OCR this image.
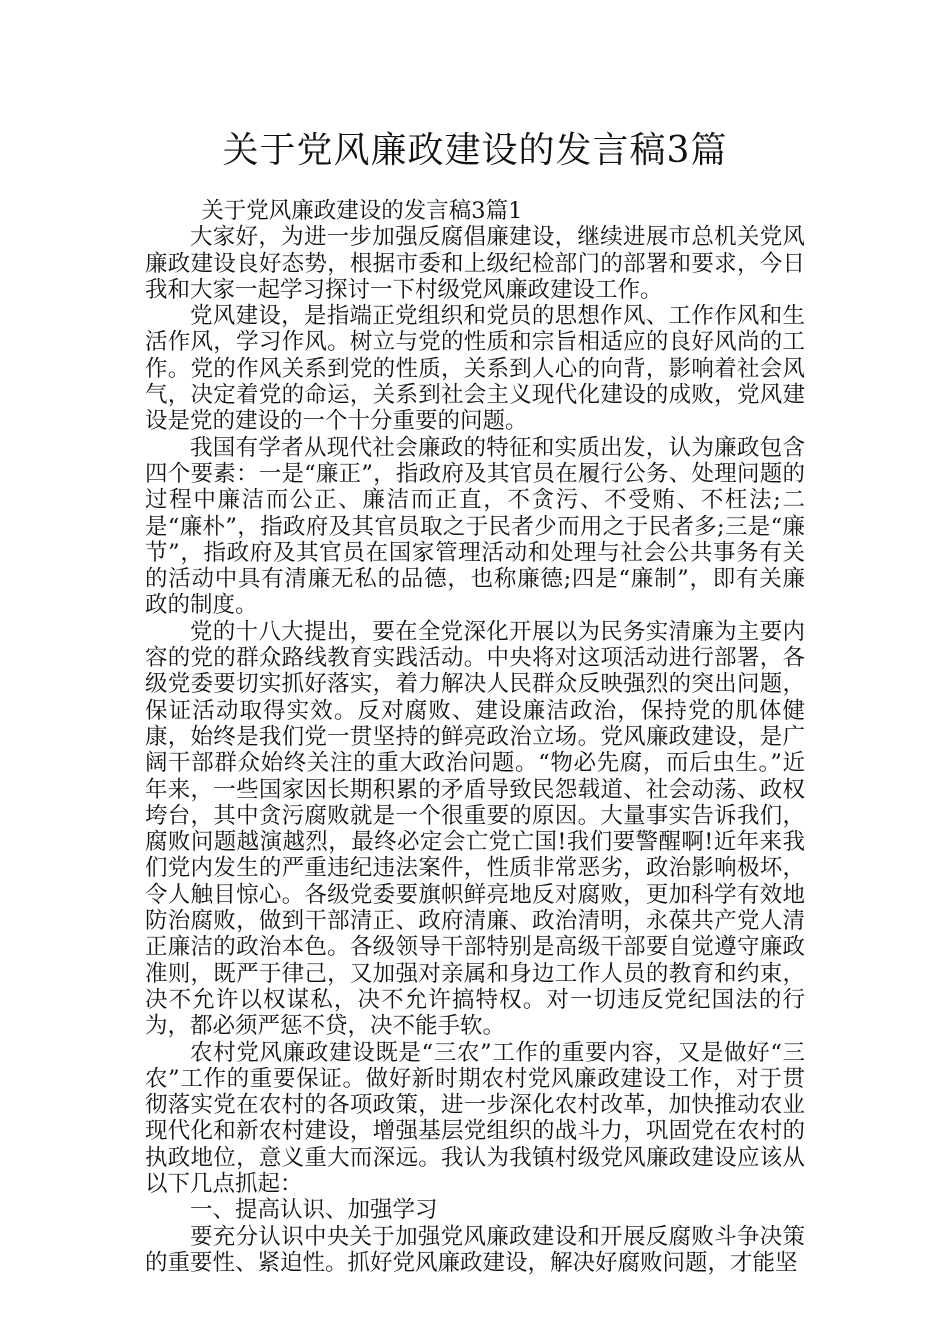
关于党风廉政建设的发言稿3篇

关于党风廉政建设的发言稿3篇1

大家好，为进一步加强反腐倡廉建设，继续进展市总机关党风廉政建设良好态势，根据市委和上级纪检部门的部署和要求，今日我和大家一起学习探讨一下村级党风廉政建设工作。

党风建设，是指端正党组织和党员的思想作风、工作作风和生活作风，学习作风。树立与党的性质和宗旨相适应的良好风尚的工作。党的作风关系到党的性质，关系到人心的向背，影响着社会风气，决定着党的命运，关系到社会主义现代化建设的成败，党风建设是党的建设的一个十分重要的问题。

我国有学者从现代社会廉政的特征和实质出发，认为廉政包含四个要素：一是“廉正”，指政府及其官员在履行公务、处理问题的过程中廉洁而公正、廉洁而正直，不贪污、不受贿、不枉法;二是“廉朴”，指政府及其官员取之于民者少而用之于民者多;三是“廉节”，指政府及其官员在国家管理活动和处理与社会公共事务有关的活动中具有清廉无私的品德，也称廉德;四是“廉制”，即有关廉政的制度。

党的十八大提出，要在全党深化开展以为民务实清廉为主要内容的党的群众路线教育实践活动。中央将对这项活动进行部署，各级党委要切实抓好落实，着力解决人民群众反映强烈的突出问题，保证活动取得实效。反对腐败、建设廉洁政治，保持党的肌体健康，始终是我们党一贯坚持的鲜亮政治立场。党风廉政建设，是广阔干部群众始终关注的重大政治问题。“物必先腐，而后虫生。”近年来，一些国家因长期积累的矛盾导致民怨载道、社会动荡、政权垮台，其中贪污腐败就是一个很重要的原因。大量事实告诉我们，腐败问题越演越烈，最终必定会亡党亡国!我们要警醒啊!近年来我们党内发生的严重违纪违法案件，性质非常恶劣，政治影响极坏，令人触目惊心。各级党委要旗帜鲜亮地反对腐败，更加科学有效地防治腐败，做到干部清正、政府清廉、政治清明，永葆共产党人清正廉洁的政治本色。各级领导干部特别是高级干部要自觉遵守廉政准则，既严于律己，又加强对亲属和身边工作人员的教育和约束，决不允许以权谋私，决不允许搞特权。对一切违反党纪国法的行为，都必须严惩不贷，决不能手软。

农村党风廉政建设既是“三农”工作的重要内容，又是做好“三农”工作的重要保证。做好新时期农村党风廉政建设工作，对于贯彻落实党在农村的各项政策，进一步深化农村改革，加快推动农业现代化和新农村建设，增强基层党组织的战斗力，巩固党在农村的执政地位，意义重大而深远。我认为我镇村级党风廉政建设应该从以下几点抓起：

一、提高认识、加强学习

要充分认识中央关于加强党风廉政建设和开展反腐败斗争决策的重要性、紧迫性。抓好党风廉政建设，解决好腐败问题，才能坚
